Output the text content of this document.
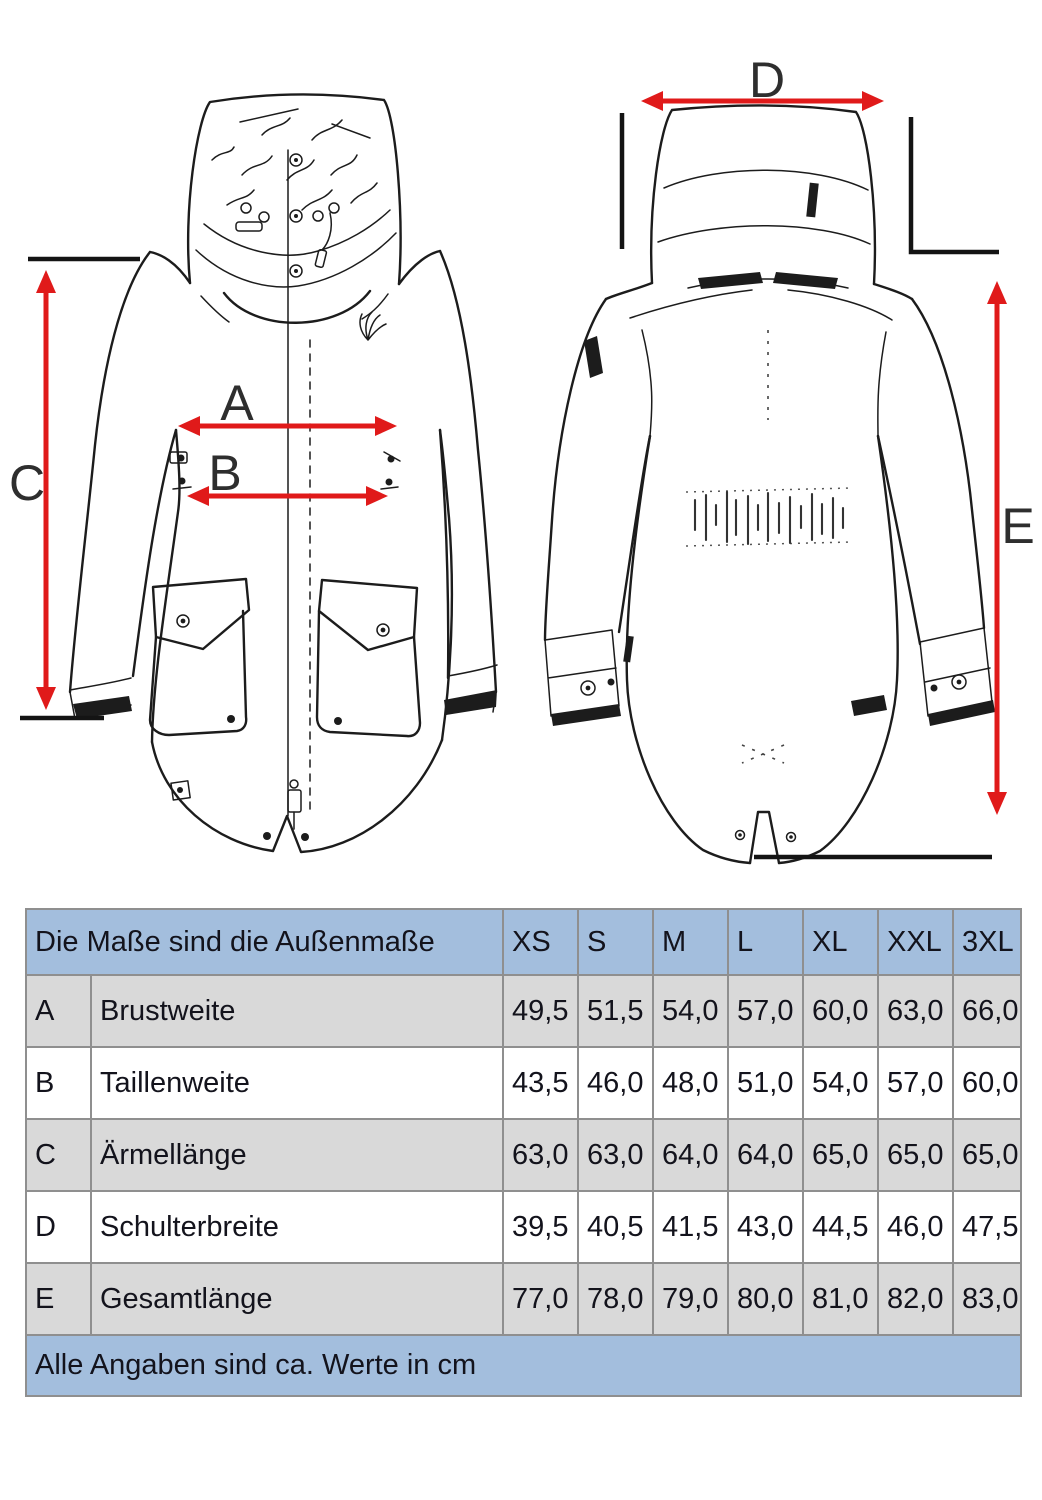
A
B
C
D
E
Die Maße sind die Außenmaße		XS	S	M	L	XL	XXL	3XL
A	Brustweite	49,5	51,5	54,0	57,0	60,0	63,0	66,0
B	Taillenweite	43,5	46,0	48,0	51,0	54,0	57,0	60,0
C	Ärmellänge	63,0	63,0	64,0	64,0	65,0	65,0	65,0
D	Schulterbreite	39,5	40,5	41,5	43,0	44,5	46,0	47,5
E	Gesamtlänge	77,0	78,0	79,0	80,0	81,0	82,0	83,0
Alle Angaben sind ca. Werte in cm								
